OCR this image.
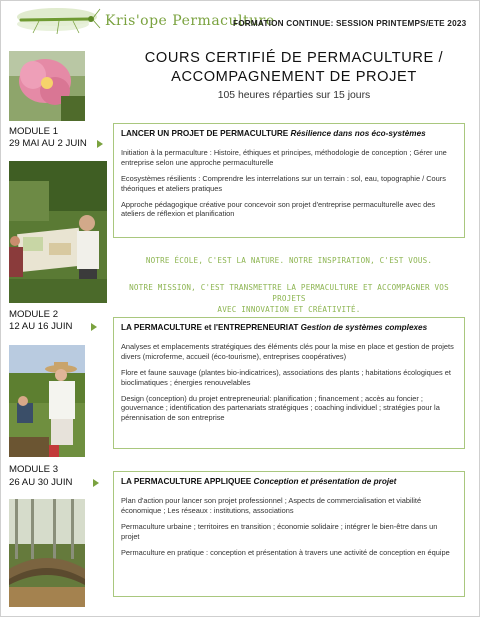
Kris'ope Permaculture
FORMATION CONTINUE: SESSION PRINTEMPS/ETE 2023
COURS CERTIFIÉ DE PERMACULTURE /
ACCOMPAGNEMENT DE PROJET
105 heures réparties sur 15 jours
MODULE 1
29 MAI AU 2 JUIN
MODULE 2
12 AU 16 JUIN
MODULE 3
26 AU 30 JUIN
LANCER UN PROJET DE PERMACULTURE Résilience dans nos éco-systèmes

Initiation à la permaculture : Histoire, éthiques et principes, méthodologie de conception ; Gérer une entreprise selon une approche permaculturelle

Ecosystèmes résilients : Comprendre les interrelations sur un terrain : sol, eau, topographie / Cours théoriques et ateliers pratiques

Approche pédagogique créative pour concevoir son projet d'entreprise permaculturelle avec des ateliers de réflexion et planification

NOTRE ÉCOLE, C'EST LA NATURE. NOTRE INSPIRATION, C'EST VOUS.
NOTRE MISSION, C'EST TRANSMETTRE LA PERMACULTURE ET ACCOMPAGNER VOS PROJETS
AVEC INNOVATION ET CRÉATIVITÉ.
LA PERMACULTURE et l'ENTREPRENEURIAT Gestion de systèmes complexes

Analyses et emplacements stratégiques des éléments clés pour la mise en place et gestion de projets divers (microferme, accueil (éco-tourisme), entreprises coopératives)

Flore et faune sauvage (plantes bio-indicatrices), associations des plants ; habitations écologiques et bioclimatiques ; énergies renouvelables

Design (conception) du projet entrepreneurial: planification ; financement ; accès au foncier ; gouvernance ; identification des partenariats stratégiques ; coaching individuel ; stratégies pour la pérennisation de son entreprise

LA PERMACULTURE APPLIQUEE Conception et présentation de projet

Plan d'action pour lancer son projet professionnel ; Aspects de commercialisation et viabilité économique ; Les réseaux : institutions, associations

Permaculture urbaine ; territoires en transition ; économie solidaire ; intégrer le bien-être dans un projet

Permaculture en pratique : conception et présentation à travers une activité de conception en équipe
